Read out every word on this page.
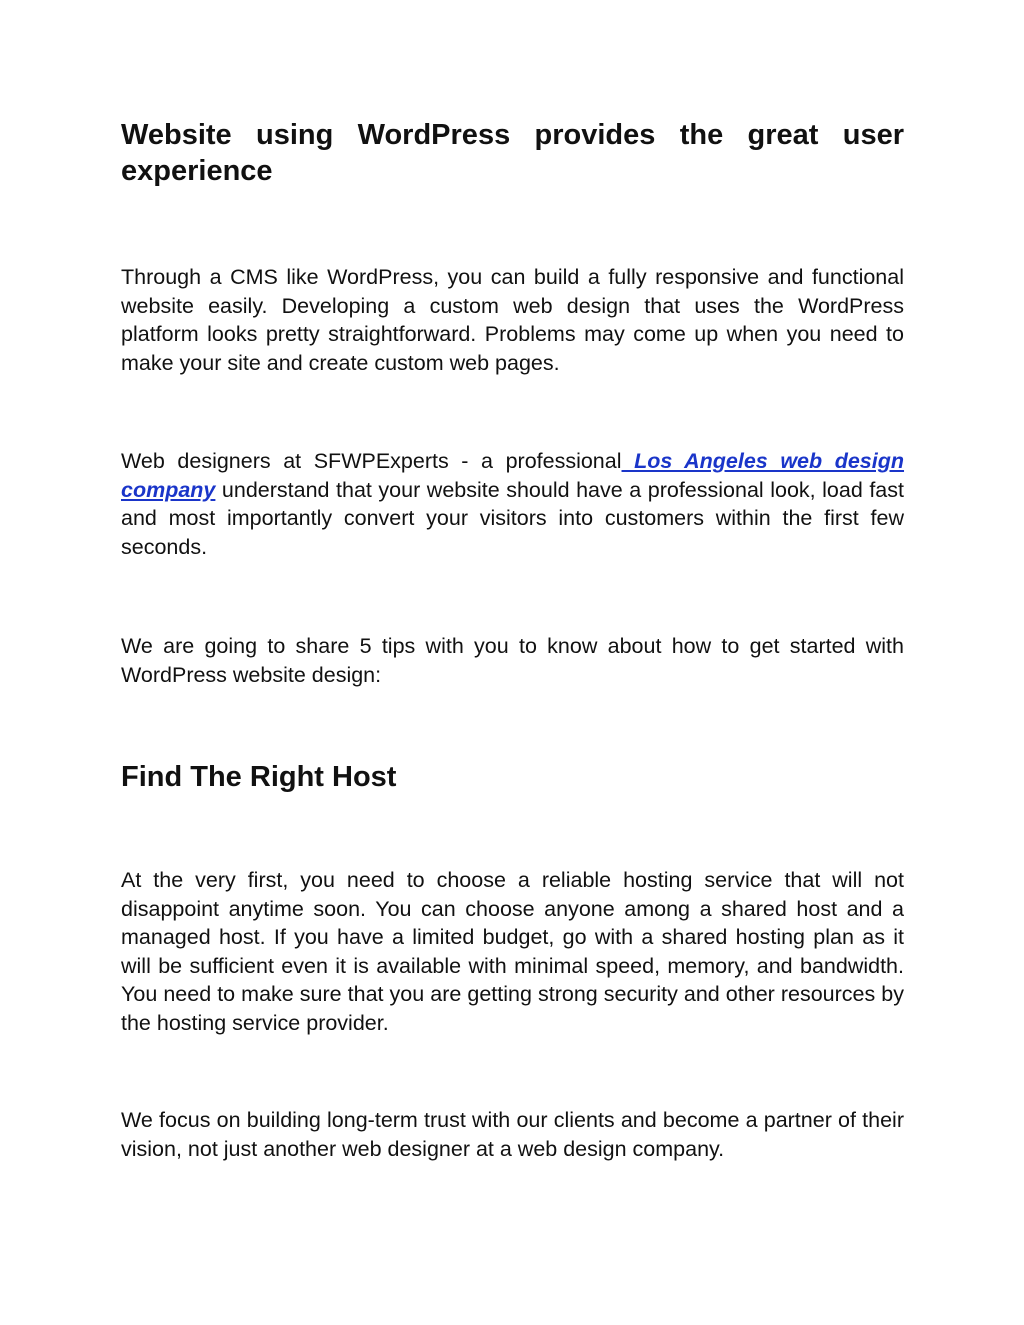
Website using WordPress provides the great user experience

Through a CMS like WordPress, you can build a fully responsive and functional website easily. Developing a custom web design that uses the WordPress platform looks pretty straightforward. Problems may come up when you need to make your site and create custom web pages.

Web designers at SFWPExperts - a professional Los Angeles web design company understand that your website should have a professional look, load fast and most importantly convert your visitors into customers within the first few seconds.

We are going to share 5 tips with you to know about how to get started with WordPress website design:

Find The Right Host

At the very first, you need to choose a reliable hosting service that will not disappoint anytime soon. You can choose anyone among a shared host and a managed host. If you have a limited budget, go with a shared hosting plan as it will be sufficient even it is available with minimal speed, memory, and bandwidth. You need to make sure that you are getting strong security and other resources by the hosting service provider.

We focus on building long-term trust with our clients and become a partner of their vision, not just another web designer at a web design company.
